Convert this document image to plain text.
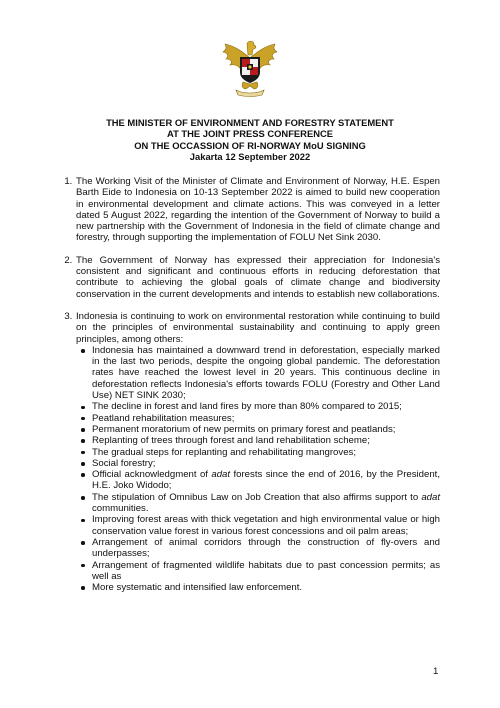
THE MINISTER OF ENVIRONMENT AND FORESTRY STATEMENT
AT THE JOINT PRESS CONFERENCE
ON THE OCCASSION OF RI-NORWAY MoU SIGNING
Jakarta 12 September 2022
1. The Working Visit of the Minister of Climate and Environment of Norway, H.E. Espen Barth Eide to Indonesia on 10-13 September 2022 is aimed to build new cooperation in environmental development and climate actions. This was conveyed in a letter dated 5 August 2022, regarding the intention of the Government of Norway to build a new partnership with the Government of Indonesia in the field of climate change and forestry, through supporting the implementation of FOLU Net Sink 2030.
2. The Government of Norway has expressed their appreciation for Indonesia's consistent and significant and continuous efforts in reducing deforestation that contribute to achieving the global goals of climate change and biodiversity conservation in the current developments and intends to establish new collaborations.
3. Indonesia is continuing to work on environmental restoration while continuing to build on the principles of environmental sustainability and continuing to apply green principles, among others:
Indonesia has maintained a downward trend in deforestation, especially marked in the last two periods, despite the ongoing global pandemic. The deforestation rates have reached the lowest level in 20 years. This continuous decline in deforestation reflects Indonesia's efforts towards FOLU (Forestry and Other Land Use) NET SINK 2030;
The decline in forest and land fires by more than 80% compared to 2015;
Peatland rehabilitation measures;
Permanent moratorium of new permits on primary forest and peatlands;
Replanting of trees through forest and land rehabilitation scheme;
The gradual steps for replanting and rehabilitating mangroves;
Social forestry;
Official acknowledgment of adat forests since the end of 2016, by the President, H.E. Joko Widodo;
The stipulation of Omnibus Law on Job Creation that also affirms support to adat communities.
Improving forest areas with thick vegetation and high environmental value or high conservation value forest in various forest concessions and oil palm areas;
Arrangement of animal corridors through the construction of fly-overs and underpasses;
Arrangement of fragmented wildlife habitats due to past concession permits; as well as
More systematic and intensified law enforcement.
1
